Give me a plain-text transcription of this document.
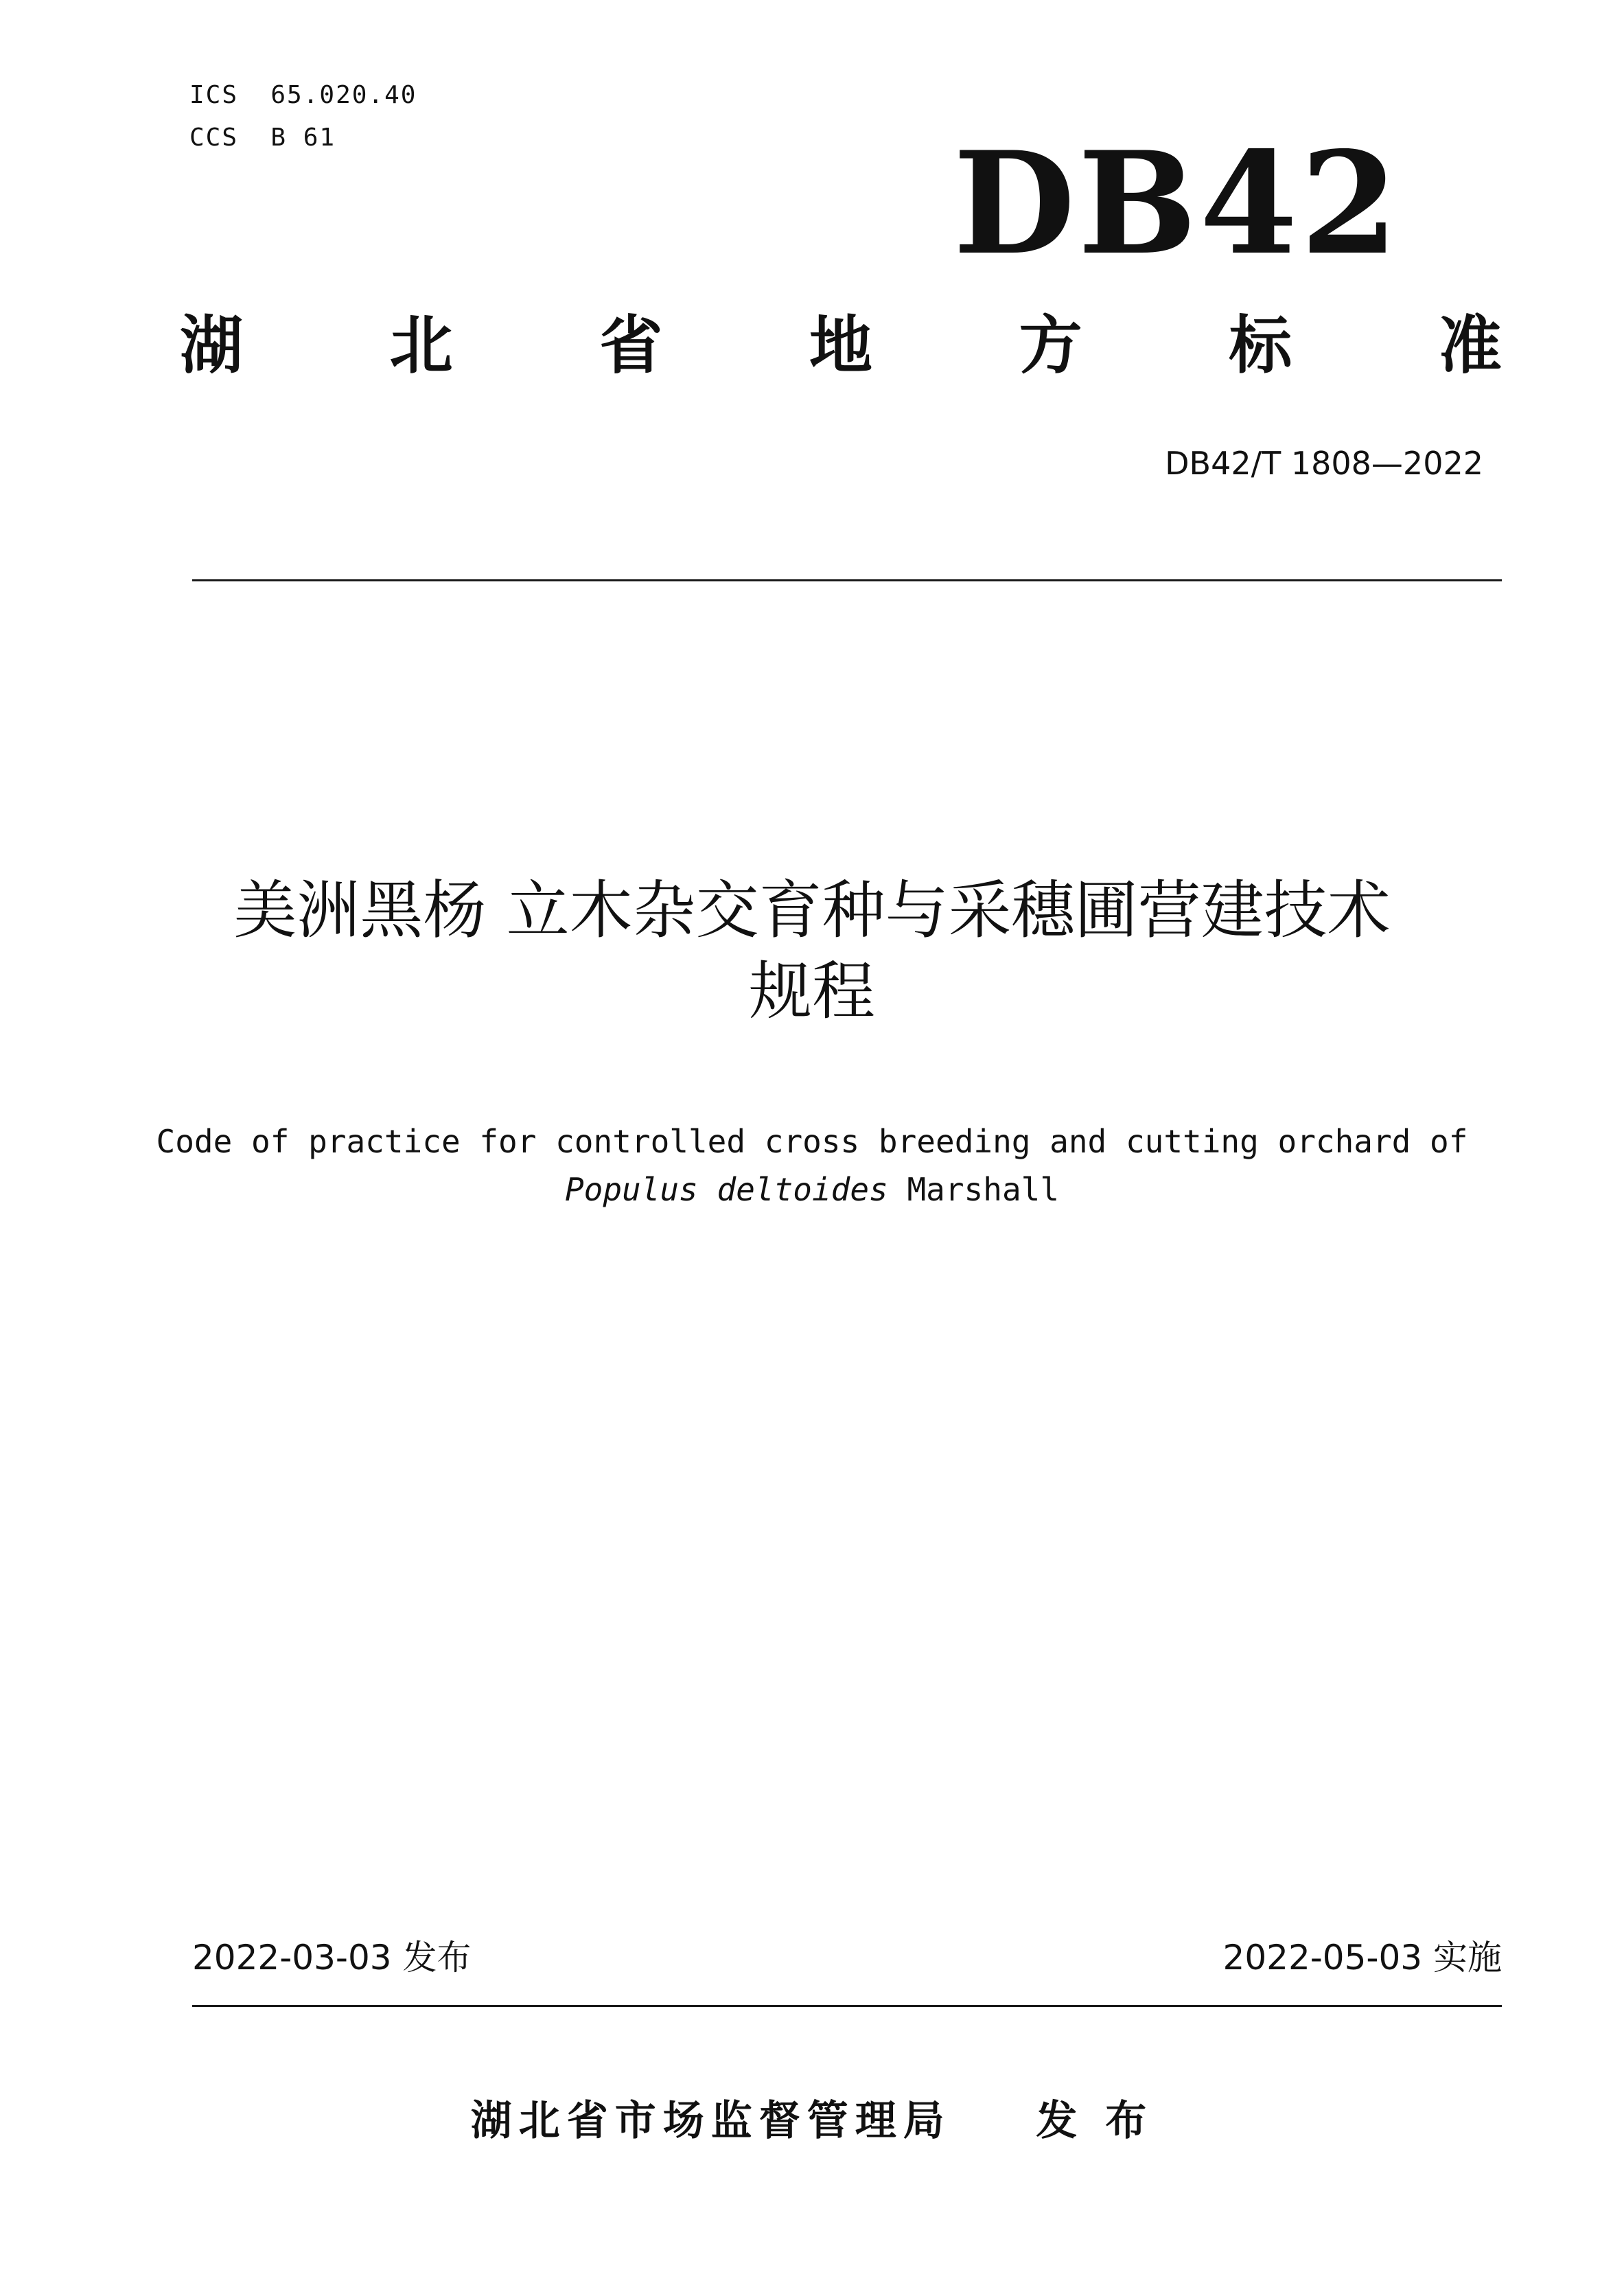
ICS  65.020.40
CCS  B 61	DB42
湖 北 省 地 方 标 准
DB42/T 1808—2022
美洲黑杨 立木杂交育种与采穗圃营建技术
规程
Code of practice for controlled cross breeding and cutting orchard of
Populus deltoides Marshall
2022-03-03 发布	2022-05-03 实施
湖北省市场监督管理局 发 布
